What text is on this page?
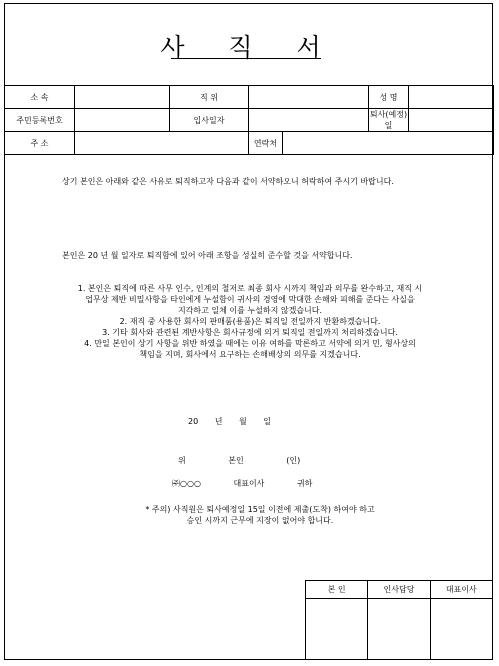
사 직 서
소 속		직 위			성 명	
주민등록번호		입사일자			퇴사(예정)일	
주 소			연락처			
상기 본인은 아래와 같은 사유로 퇴직하고자 다음과 같이 서약하오니 허락하여 주시기 바랍니다.
본인은 20 년 월 일자로 퇴직함에 있어 아래 조항을 성실히 준수할 것을 서약합니다.
1. 본인은 퇴직에 따른 사무 인수, 인계의 철저로 최종 회사 시까지 책임과 의무를 완수하고, 재직 시
업무상 제반 비밀사항을 타인에게 누설함이 귀사의 경영에 막대한 손해와 피해를 준다는 사실을
지각하고 일체 이를 누설하지 않겠습니다.
2. 재직 중 사용한 회사의 판매품(용품)은 퇴직일 전일까지 반환하겠습니다.
3. 기타 회사와 관련된 계반사항은 회사규정에 의거 퇴직일 전일까지 처리하겠습니다.
4. 만일 본인이 상기 사항을 위반 하였을 때에는 이유 여하를 막론하고 서약에 의거 민, 형사상의
책임을 지며, 회사에서 요구하는 손해배상의 의무를 지겠습니다.
20 년 월 일
위 본인 (인)
㈜○○○ 대표이사 귀하
* 주의) 사직원은 퇴사예정일 15일 이전에 제출(도착) 하여야 하고
승인 시까지 근무에 지장이 없어야 합니다.
본 인	인사담당	대표이사
